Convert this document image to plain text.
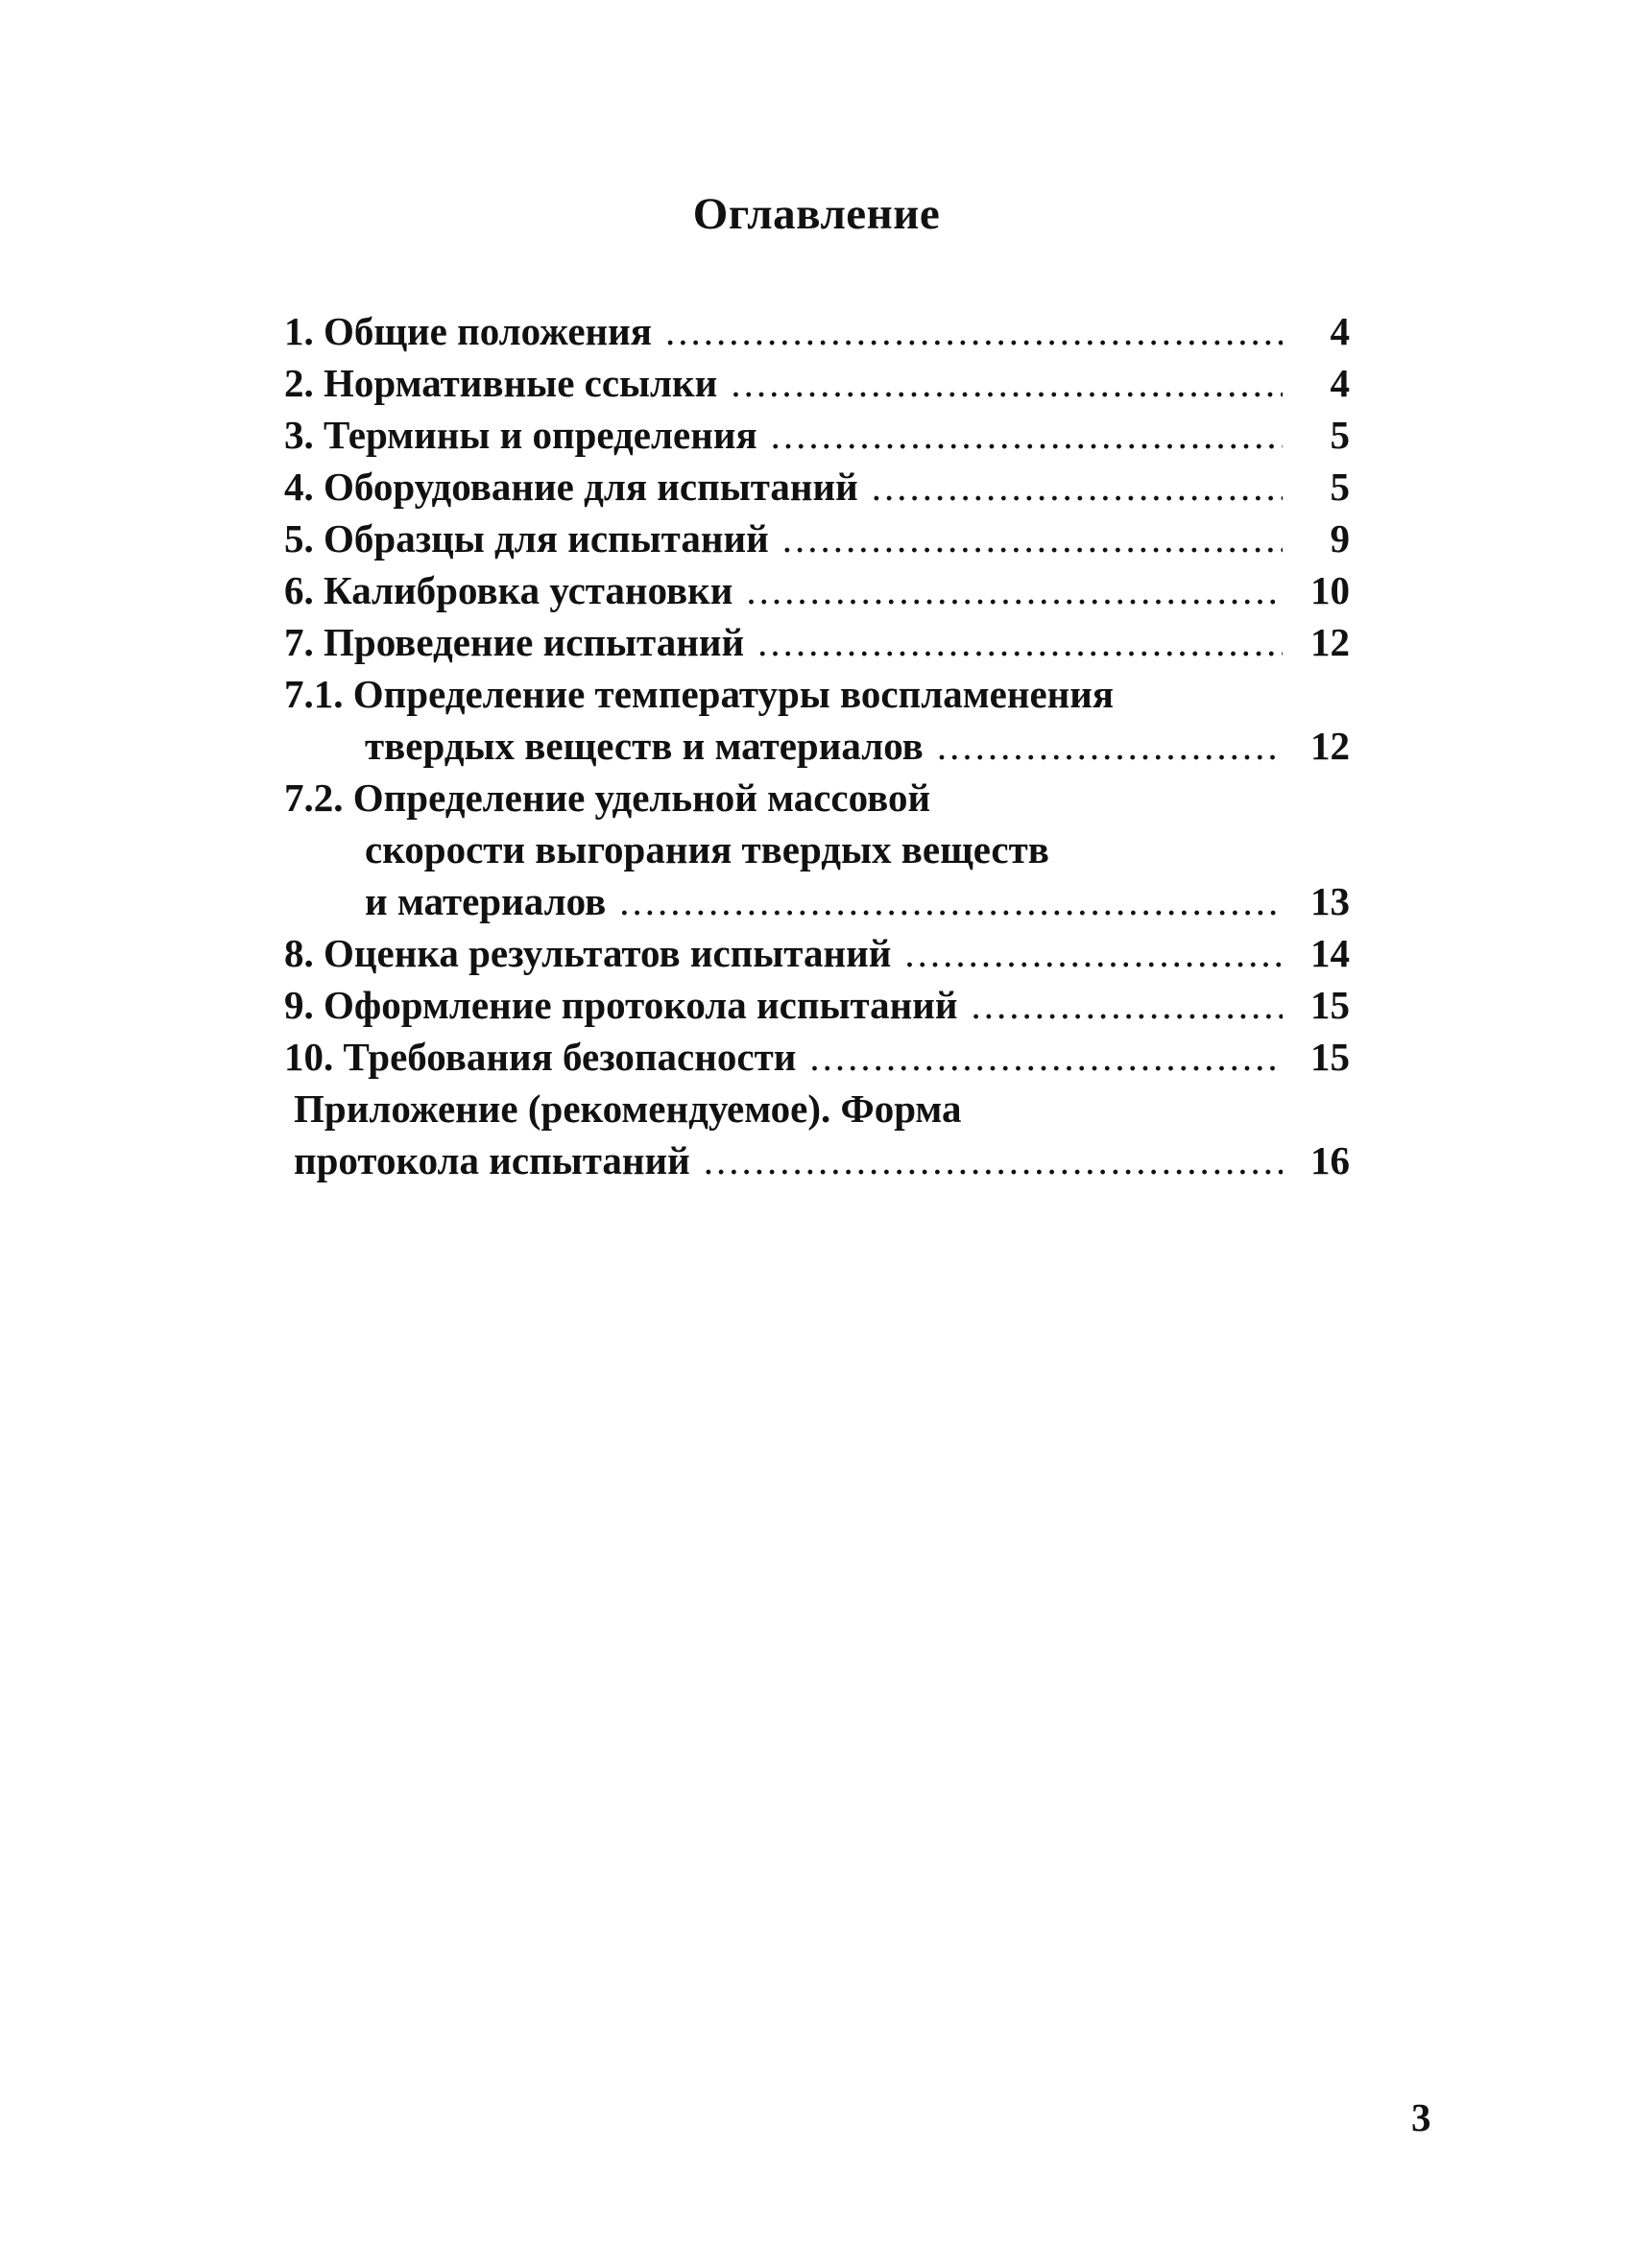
Оглавление
1. Общие положения .....	4
2. Нормативные ссылки .....	4
3. Термины и определения .....	5
4. Оборудование для испытаний .....	5
5. Образцы для испытаний .....	9
6. Калибровка установки .....	10
7. Проведение испытаний .....	12
7.1. Определение температуры воспламенения
твердых веществ и материалов .....	12
7.2. Определение удельной массовой
скорости выгорания твердых веществ
и материалов .....	13
8. Оценка результатов испытаний .....	14
9. Оформление протокола испытаний .....	15
10. Требования безопасности .....	15
Приложение (рекомендуемое). Форма
протокола испытаний .....	16
3
